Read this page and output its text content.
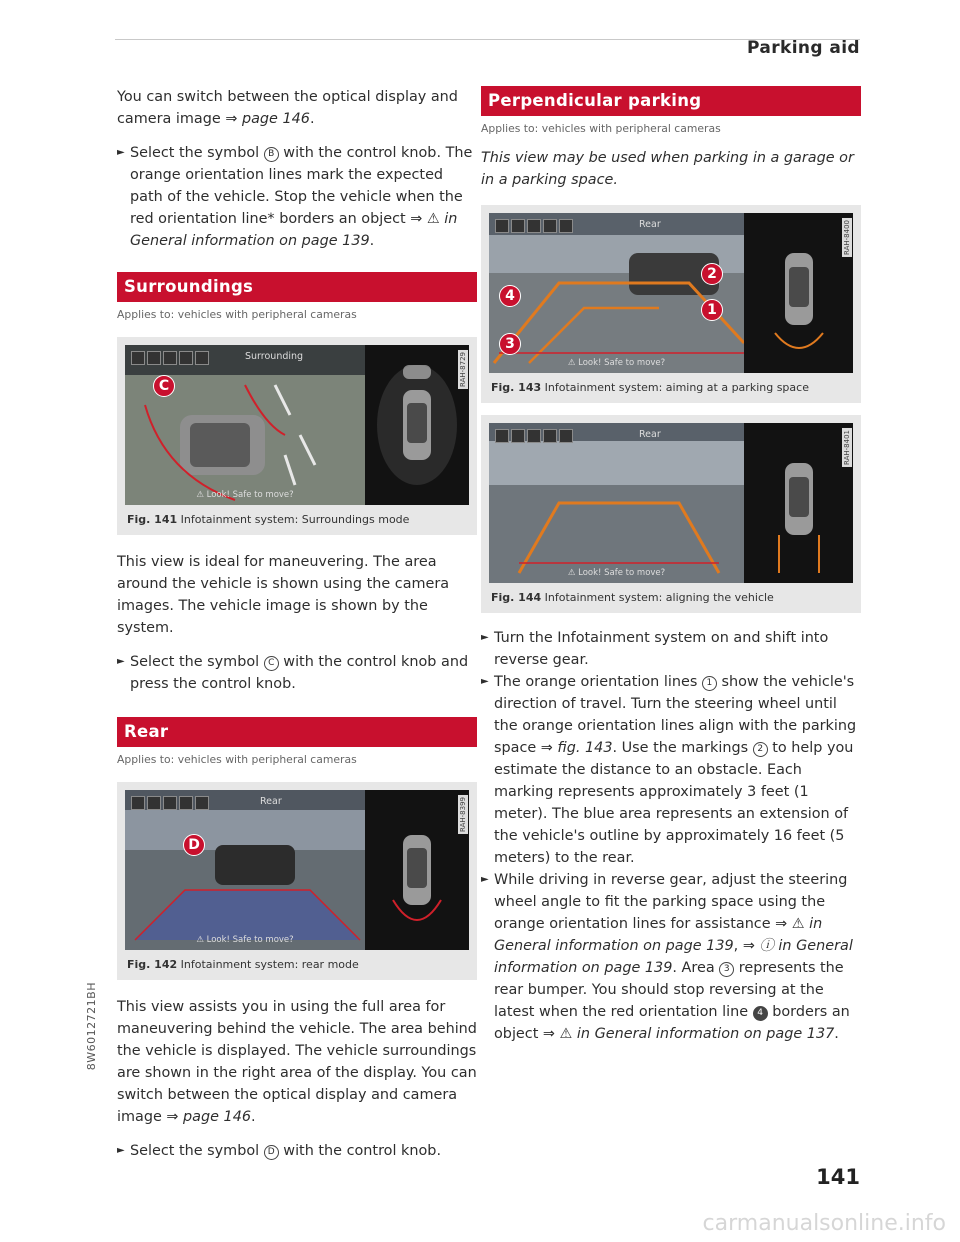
Parking aid

You can switch between the optical display and camera image ⇒ page 146.

► Select the symbol B with the control knob. The orange orientation lines mark the expected path of the vehicle. Stop the vehicle when the red orientation line* borders an object ⇒ ⚠ in General information on page 139.

Surroundings
Applies to: vehicles with peripheral cameras
Surrounding
C
⚠ Look! Safe to move?
RAH-8729
Fig. 141 Infotainment system: Surroundings mode

This view is ideal for maneuvering. The area around the vehicle is shown using the camera images. The vehicle image is shown by the system.

► Select the symbol C with the control knob and press the control knob.

Rear
Applies to: vehicles with peripheral cameras
Rear
D
⚠ Look! Safe to move?
RAH-8399
Fig. 142 Infotainment system: rear mode

This view assists you in using the full area for maneuvering behind the vehicle. The area behind the vehicle is displayed. The vehicle surroundings are shown in the right area of the display. You can switch between the optical display and camera image ⇒ page 146.

► Select the symbol D with the control knob.

Perpendicular parking
Applies to: vehicles with peripheral cameras

This view may be used when parking in a garage or in a parking space.

Rear
1
2
3
4
⚠ Look! Safe to move?
RAH-8400
Fig. 143 Infotainment system: aiming at a parking space
Rear
⚠ Look! Safe to move?
RAH-8401
Fig. 144 Infotainment system: aligning the vehicle

► Turn the Infotainment system on and shift into reverse gear.

► The orange orientation lines 1 show the vehicle's direction of travel. Turn the steering wheel until the orange orientation lines align with the parking space ⇒ fig. 143. Use the markings 2 to help you estimate the distance to an obstacle. Each marking represents approximately 3 feet (1 meter). The blue area represents an extension of the vehicle's outline by approximately 16 feet (5 meters) to the rear.

► While driving in reverse gear, adjust the steering wheel angle to fit the parking space using the orange orientation lines for assistance ⇒ ⚠ in General information on page 139, ⇒ ⓘ in General information on page 139. Area 3 represents the rear bumper. You should stop reversing at the latest when the red orientation line 4 borders an object ⇒ ⚠ in General information on page 137.

8W6012721BH
141
carmanualsonline.info
